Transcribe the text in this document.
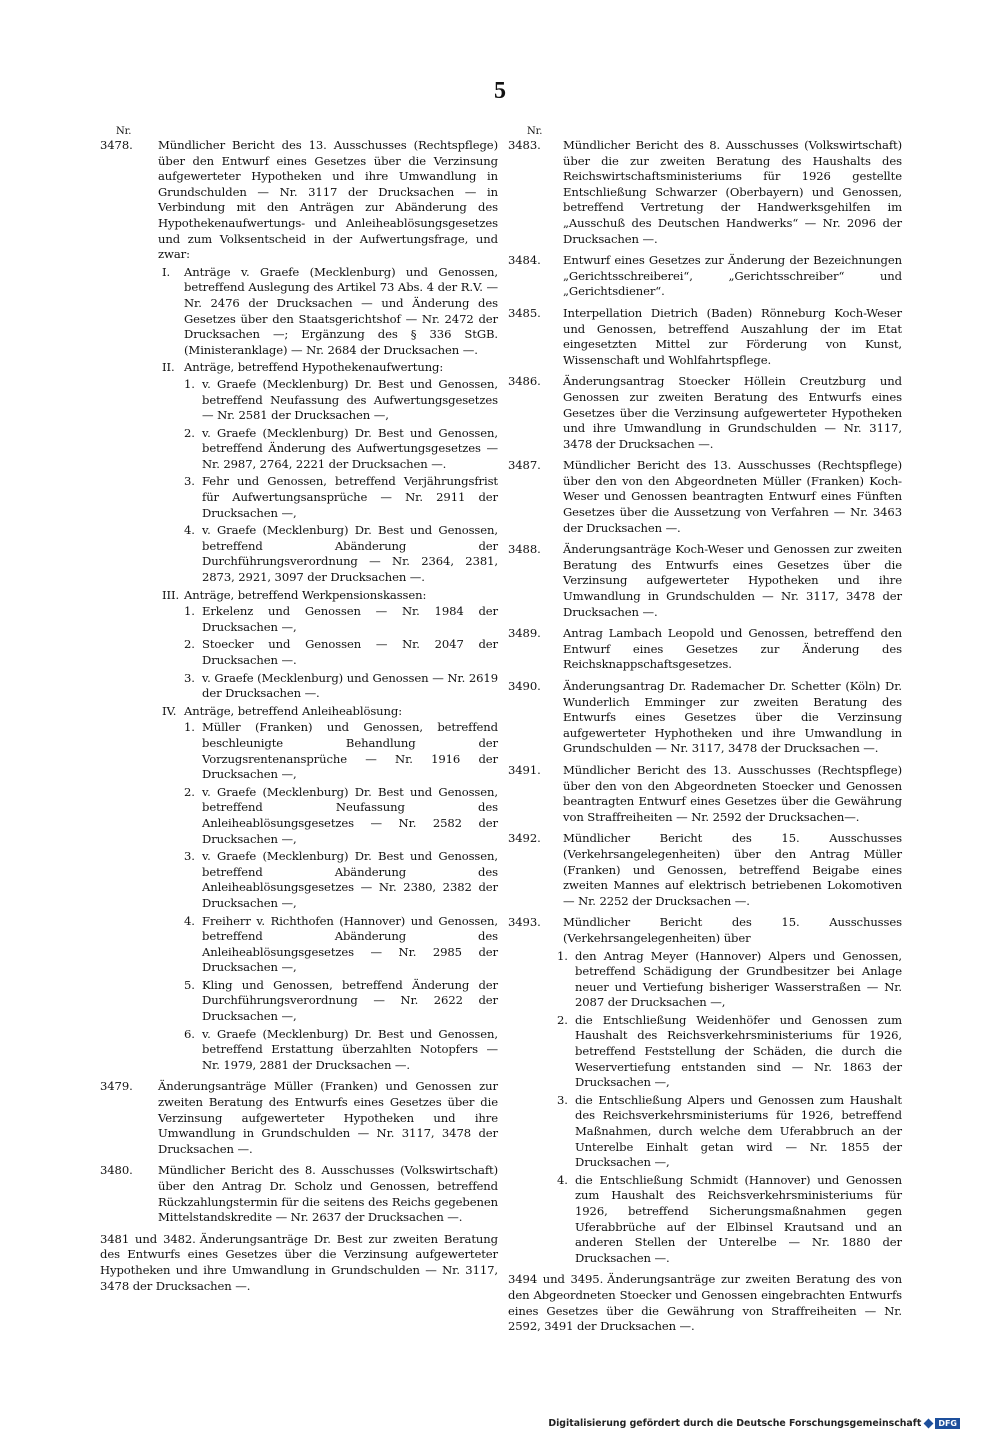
5
Nr.
3478. Mündlicher Bericht des 13. Ausschusses (Rechtspflege) über den Entwurf eines Gesetzes über die Verzinsung aufgewerteter Hypotheken und ihre Umwandlung in Grundschulden — Nr. 3117 der Drucksachen — in Verbindung mit den Anträgen zur Abänderung des Hypothekenaufwertungs- und Anleiheablösungsgesetzes und zum Volksentscheid in der Aufwertungsfrage, und zwar:
I. Anträge v. Graefe (Mecklenburg) und Genossen, betreffend Auslegung des Artikel 73 Abs. 4 der R.V. — Nr. 2476 der Drucksachen — und Änderung des Gesetzes über den Staatsgerichtshof — Nr. 2472 der Drucksachen —; Ergänzung des § 336 StGB. (Ministeranklage) — Nr. 2684 der Drucksachen —.
II. Anträge, betreffend Hypothekenaufwertung:
1. v. Graefe (Mecklenburg) Dr. Best und Genossen, betreffend Neufassung des Aufwertungsgesetzes — Nr. 2581 der Drucksachen —,
2. v. Graefe (Mecklenburg) Dr. Best und Genossen, betreffend Änderung des Aufwertungsgesetzes — Nr. 2987, 2764, 2221 der Drucksachen —.
3. Fehr und Genossen, betreffend Verjährungsfrist für Aufwertungsansprüche — Nr. 2911 der Drucksachen —,
4. v. Graefe (Mecklenburg) Dr. Best und Genossen, betreffend Abänderung der Durchführungsverordnung — Nr. 2364, 2381, 2873, 2921, 3097 der Drucksachen —.
III. Anträge, betreffend Werkpensionskassen:
1. Erkelenz und Genossen — Nr. 1984 der Drucksachen —,
2. Stoecker und Genossen — Nr. 2047 der Drucksachen —.
3. v. Graefe (Mecklenburg) und Genossen — Nr. 2619 der Drucksachen —.
IV. Anträge, betreffend Anleiheablösung:
1. Müller (Franken) und Genossen, betreffend beschleunigte Behandlung der Vorzugsrentenansprüche — Nr. 1916 der Drucksachen —,
2. v. Graefe (Mecklenburg) Dr. Best und Genossen, betreffend Neufassung des Anleiheablösungsgesetzes — Nr. 2582 der Drucksachen —,
3. v. Graefe (Mecklenburg) Dr. Best und Genossen, betreffend Abänderung des Anleiheablösungsgesetzes — Nr. 2380, 2382 der Drucksachen —,
4. Freiherr v. Richthofen (Hannover) und Genossen, betreffend Abänderung des Anleiheablösungsgesetzes — Nr. 2985 der Drucksachen —,
5. Kling und Genossen, betreffend Änderung der Durchführungsverordnung — Nr. 2622 der Drucksachen —,
6. v. Graefe (Mecklenburg) Dr. Best und Genossen, betreffend Erstattung überzahlten Notopfers — Nr. 1979, 2881 der Drucksachen —.
3479. Änderungsanträge Müller (Franken) und Genossen zur zweiten Beratung des Entwurfs eines Gesetzes über die Verzinsung aufgewerteter Hypotheken und ihre Umwandlung in Grundschulden — Nr. 3117, 3478 der Drucksachen —.
3480. Mündlicher Bericht des 8. Ausschusses (Volkswirtschaft) über den Antrag Dr. Scholz und Genossen, betreffend Rückzahlungstermin für die seitens des Reichs gegebenen Mittelstandskredite — Nr. 2637 der Drucksachen —.
3481 und 3482. Änderungsanträge Dr. Best zur zweiten Beratung des Entwurfs eines Gesetzes über die Verzinsung aufgewerteter Hypotheken und ihre Umwandlung in Grundschulden — Nr. 3117, 3478 der Drucksachen —.
Nr.
3483. Mündlicher Bericht des 8. Ausschusses (Volkswirtschaft) über die zur zweiten Beratung des Haushalts des Reichswirtschaftsministeriums für 1926 gestellte Entschließung Schwarzer (Oberbayern) und Genossen, betreffend Vertretung der Handwerksgehilfen im „Ausschuß des Deutschen Handwerks“ — Nr. 2096 der Drucksachen —.
3484. Entwurf eines Gesetzes zur Änderung der Bezeichnungen „Gerichtsschreiberei“, „Gerichtsschreiber“ und „Gerichtsdiener“.
3485. Interpellation Dietrich (Baden) Rönneburg Koch-Weser und Genossen, betreffend Auszahlung der im Etat eingesetzten Mittel zur Förderung von Kunst, Wissenschaft und Wohlfahrtspflege.
3486. Änderungsantrag Stoecker Höllein Creutzburg und Genossen zur zweiten Beratung des Entwurfs eines Gesetzes über die Verzinsung aufgewerteter Hypotheken und ihre Umwandlung in Grundschulden — Nr. 3117, 3478 der Drucksachen —.
3487. Mündlicher Bericht des 13. Ausschusses (Rechtspflege) über den von den Abgeordneten Müller (Franken) Koch-Weser und Genossen beantragten Entwurf eines Fünften Gesetzes über die Aussetzung von Verfahren — Nr. 3463 der Drucksachen —.
3488. Änderungsanträge Koch-Weser und Genossen zur zweiten Beratung des Entwurfs eines Gesetzes über die Verzinsung aufgewerteter Hypotheken und ihre Umwandlung in Grundschulden — Nr. 3117, 3478 der Drucksachen —.
3489. Antrag Lambach Leopold und Genossen, betreffend den Entwurf eines Gesetzes zur Änderung des Reichsknappschaftsgesetzes.
3490. Änderungsantrag Dr. Rademacher Dr. Schetter (Köln) Dr. Wunderlich Emminger zur zweiten Beratung des Entwurfs eines Gesetzes über die Verzinsung aufgewerteter Hyphotheken und ihre Umwandlung in Grundschulden — Nr. 3117, 3478 der Drucksachen —.
3491. Mündlicher Bericht des 13. Ausschusses (Rechtspflege) über den von den Abgeordneten Stoecker und Genossen beantragten Entwurf eines Gesetzes über die Gewährung von Straffreiheiten — Nr. 2592 der Drucksachen—.
3492. Mündlicher Bericht des 15. Ausschusses (Verkehrsangelegenheiten) über den Antrag Müller (Franken) und Genossen, betreffend Beigabe eines zweiten Mannes auf elektrisch betriebenen Lokomotiven — Nr. 2252 der Drucksachen —.
3493. Mündlicher Bericht des 15. Ausschusses (Verkehrsangelegenheiten) über
1. den Antrag Meyer (Hannover) Alpers und Genossen, betreffend Schädigung der Grundbesitzer bei Anlage neuer und Vertiefung bisheriger Wasserstraßen — Nr. 2087 der Drucksachen —,
2. die Entschließung Weidenhöfer und Genossen zum Haushalt des Reichsverkehrsministeriums für 1926, betreffend Feststellung der Schäden, die durch die Weservertiefung entstanden sind — Nr. 1863 der Drucksachen —,
3. die Entschließung Alpers und Genossen zum Haushalt des Reichsverkehrsministeriums für 1926, betreffend Maßnahmen, durch welche dem Uferabbruch an der Unterelbe Einhalt getan wird — Nr. 1855 der Drucksachen —,
4. die Entschließung Schmidt (Hannover) und Genossen zum Haushalt des Reichsverkehrsministeriums für 1926, betreffend Sicherungsmaßnahmen gegen Uferabbrüche auf der Elbinsel Krautsand und an anderen Stellen der Unterelbe — Nr. 1880 der Drucksachen —.
3494 und 3495. Änderungsanträge zur zweiten Beratung des von den Abgeordneten Stoecker und Genossen eingebrachten Entwurfs eines Gesetzes über die Gewährung von Straffreiheiten — Nr. 2592, 3491 der Drucksachen —.
Digitalisierung gefördert durch die Deutsche Forschungsgemeinschaft	DFG
